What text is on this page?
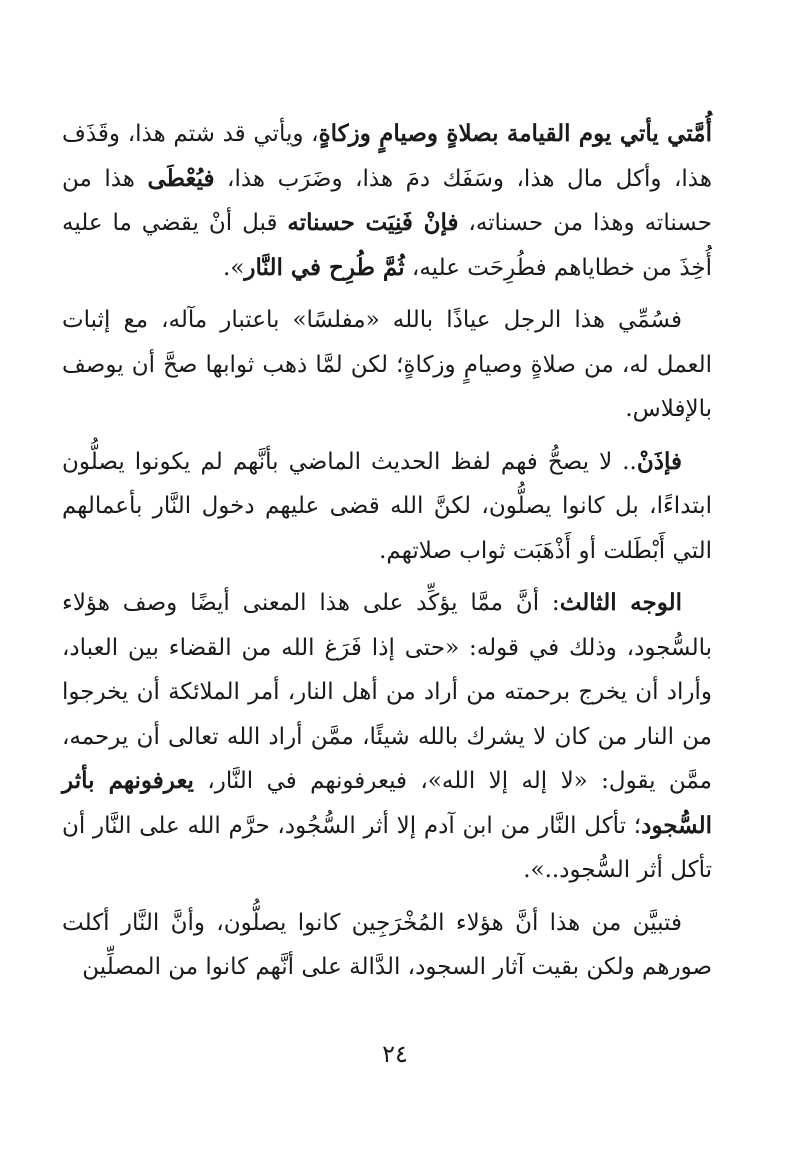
أُمَّتي يأتي يوم القيامة بصلاةٍ وصيامٍ وزكاةٍ، ويأتي قد شتم هذا، وقَذَف هذا، وأكل مال هذا، وسَفَك دمَ هذا، وضَرَب هذا، فيُعْطَى هذا من حسناته وهذا من حسناته، فإنْ فَنِيَت حسناته قبل أنْ يقضي ما عليه أُخِذَ من خطاياهم فطُرِحَت عليه، ثُمَّ طُرِح في النَّار».

فسُمِّي هذا الرجل عياذًا بالله «مفلسًا» باعتبار مآله، مع إثبات العمل له، من صلاةٍ وصيامٍ وزكاةٍ؛ لكن لمَّا ذهب ثوابها صحَّ أن يوصف بالإفلاس.

فإذَنْ.. لا يصحُّ فهم لفظ الحديث الماضي بأنَّهم لم يكونوا يصلُّون ابتداءًا، بل كانوا يصلُّون، لكنَّ الله قضى عليهم دخول النَّار بأعمالهم التي أَبْطَلت أو أَذْهَبَت ثواب صلاتهم.

الوجه الثالث: أنَّ ممَّا يؤكِّد على هذا المعنى أيضًا وصف هؤلاء بالسُّجود، وذلك في قوله: «حتى إذا فَرَغ الله من القضاء بين العباد، وأراد أن يخرج برحمته من أراد من أهل النار، أمر الملائكة أن يخرجوا من النار من كان لا يشرك بالله شيئًا، ممَّن أراد الله تعالى أن يرحمه، ممَّن يقول: «لا إله إلا الله»، فيعرفونهم في النَّار، يعرفونهم بأثر السُّجود؛ تأكل النَّار من ابن آدم إلا أثر السُّجُود، حرَّم الله على النَّار أن تأكل أثر السُّجود..».

فتبيَّن من هذا أنَّ هؤلاء المُخْرَجِين كانوا يصلُّون، وأنَّ النَّار أكلت صورهم ولكن بقيت آثار السجود، الدَّالة على أنَّهم كانوا من المصلِّين

٢٤
